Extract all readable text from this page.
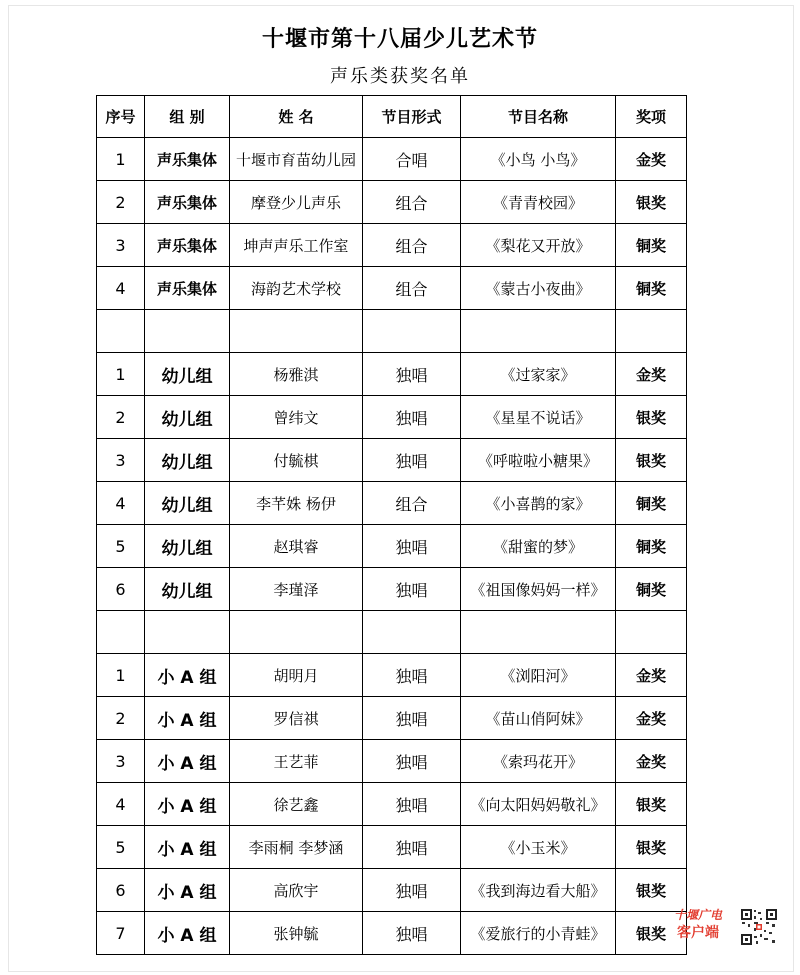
十堰市第十八届少儿艺术节
声乐类获奖名单
序号	组 别	姓 名	节目形式	节目名称	奖项
1	声乐集体	十堰市育苗幼儿园	合唱	《小鸟 小鸟》	金奖
2	声乐集体	摩登少儿声乐	组合	《青青校园》	银奖
3	声乐集体	坤声声乐工作室	组合	《梨花又开放》	铜奖
4	声乐集体	海韵艺术学校	组合	《蒙古小夜曲》	铜奖

1	幼儿组	杨雅淇	独唱	《过家家》	金奖
2	幼儿组	曾纬文	独唱	《星星不说话》	银奖
3	幼儿组	付毓棋	独唱	《呼啦啦小糖果》	银奖
4	幼儿组	李芊姝 杨伊	组合	《小喜鹊的家》	铜奖
5	幼儿组	赵琪睿	独唱	《甜蜜的梦》	铜奖
6	幼儿组	李瑾泽	独唱	《祖国像妈妈一样》	铜奖

1	小 A 组	胡明月	独唱	《浏阳河》	金奖
2	小 A 组	罗信祺	独唱	《苗山俏阿妹》	金奖
3	小 A 组	王艺菲	独唱	《索玛花开》	金奖
4	小 A 组	徐艺鑫	独唱	《向太阳妈妈敬礼》	银奖
5	小 A 组	李雨桐 李梦涵	独唱	《小玉米》	银奖
6	小 A 组	高欣宇	独唱	《我到海边看大船》	银奖
7	小 A 组	张钟毓	独唱	《爱旅行的小青蛙》	银奖
十堰广电
客户端
